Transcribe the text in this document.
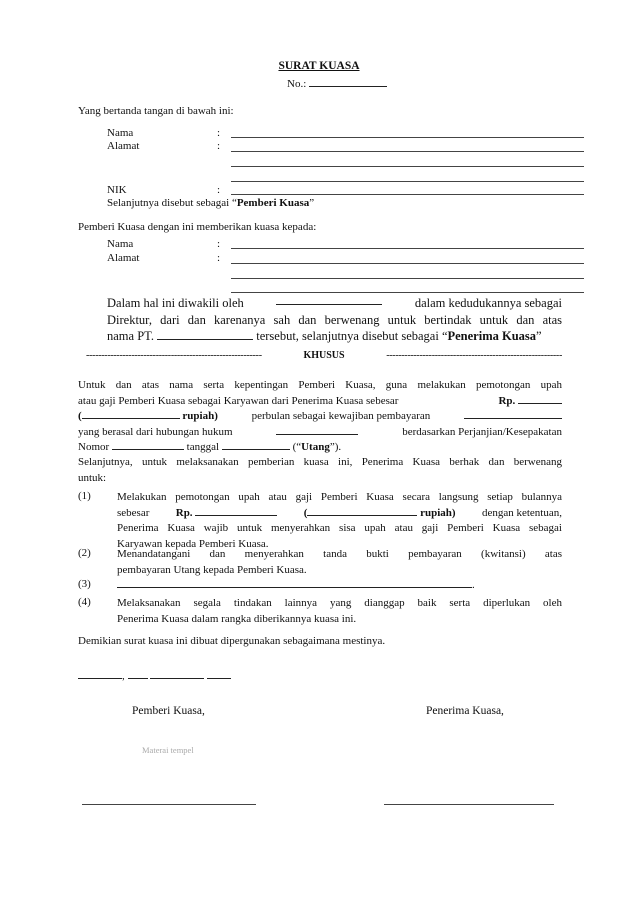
SURAT KUASA
No.:
Yang bertanda tangan di bawah ini:
Nama	:
Alamat	:
NIK	:
Selanjutnya disebut sebagai “Pemberi Kuasa”
Pemberi Kuasa dengan ini memberikan kuasa kepada:
Nama	:
Alamat	:
Dalam hal ini diwakili oleh	dalam kedudukannya sebagai
Direktur, dari dan karenanya sah dan berwenang untuk bertindak untuk dan atas
nama PT.	tersebut, selanjutnya disebut sebagai “Penerima Kuasa”
----------------------------------------------------------	KHUSUS	----------------------------------------------------------
Untuk dan atas nama serta kepentingan Pemberi Kuasa, guna melakukan pemotongan upah
atau gaji Pemberi Kuasa sebagai Karyawan dari Penerima Kuasa sebesar	Rp.
(	rupiah)	perbulan sebagai kewajiban pembayaran
yang berasal dari hubungan hukum	berdasarkan Perjanjian/Kesepakatan
Nomor	tanggal	(“Utang”).
Selanjutnya, untuk melaksanakan pemberian kuasa ini, Penerima Kuasa berhak dan berwenang
untuk:
(1) Melakukan pemotongan upah atau gaji Pemberi Kuasa secara langsung setiap bulannya
sebesar Rp.	(	rupiah) dengan ketentuan,
Penerima Kuasa wajib untuk menyerahkan sisa upah atau gaji Pemberi Kuasa sebagai
Karyawan kepada Pemberi Kuasa.
(2) Menandatangani dan menyerahkan tanda bukti pembayaran (kwitansi) atas
pembayaran Utang kepada Pemberi Kuasa.
(3)	.
(4) Melaksanakan segala tindakan lainnya yang dianggap baik serta diperlukan oleh
Penerima Kuasa dalam rangka diberikannya kuasa ini.
Demikian surat kuasa ini dibuat dipergunakan sebagaimana mestinya.
,
Pemberi Kuasa,	Penerima Kuasa,
Materai tempel
